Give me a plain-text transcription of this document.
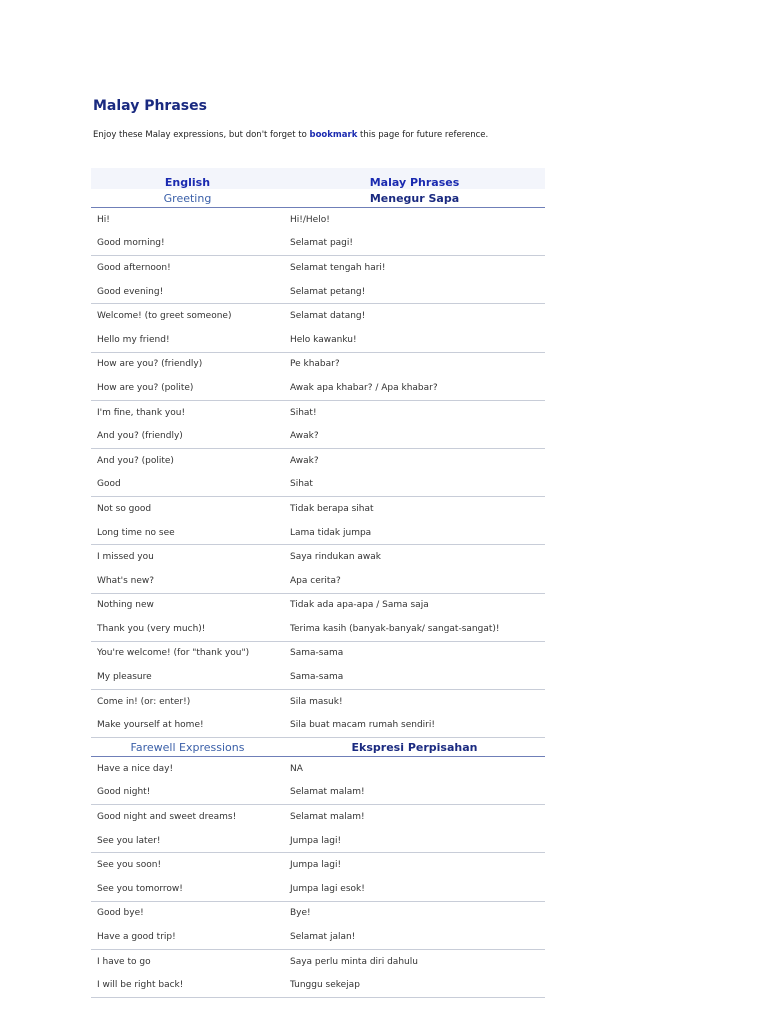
Malay Phrases

Enjoy these Malay expressions, but don't forget to bookmark this page for future reference.

English	Malay Phrases
Greeting	Menegur Sapa
Hi!	Hi!/Helo!
Good morning!	Selamat pagi!
Good afternoon!	Selamat tengah hari!
Good evening!	Selamat petang!
Welcome! (to greet someone)	Selamat datang!
Hello my friend!	Helo kawanku!
How are you? (friendly)	Pe khabar?
How are you? (polite)	Awak apa khabar? / Apa khabar?
I'm fine, thank you!	Sihat!
And you? (friendly)	Awak?
And you? (polite)	Awak?
Good	Sihat
Not so good	Tidak berapa sihat
Long time no see	Lama tidak jumpa
I missed you	Saya rindukan awak
What's new?	Apa cerita?
Nothing new	Tidak ada apa-apa / Sama saja
Thank you (very much)!	Terima kasih (banyak-banyak/ sangat-sangat)!
You're welcome! (for "thank you")	Sama-sama
My pleasure	Sama-sama
Come in! (or: enter!)	Sila masuk!
Make yourself at home!	Sila buat macam rumah sendiri!
Farewell Expressions	Ekspresi Perpisahan
Have a nice day!	NA
Good night!	Selamat malam!
Good night and sweet dreams!	Selamat malam!
See you later!	Jumpa lagi!
See you soon!	Jumpa lagi!
See you tomorrow!	Jumpa lagi esok!
Good bye!	Bye!
Have a good trip!	Selamat jalan!
I have to go	Saya perlu minta diri dahulu
I will be right back!	Tunggu sekejap
